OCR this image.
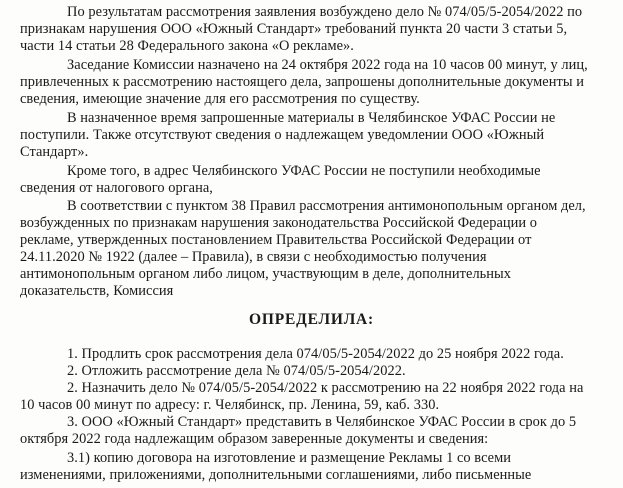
По результатам рассмотрения заявления возбуждено дело № 074/05/5-2054/2022 по
признакам нарушения ООО «Южный Стандарт» требований пункта 20 части 3 статьи 5,
части 14 статьи 28 Федерального закона «О рекламе».
Заседание Комиссии назначено на 24 октября 2022 года на 10 часов 00 минут, у лиц,
привлеченных к рассмотрению настоящего дела, запрошены дополнительные документы и
сведения, имеющие значение для его рассмотрения по существу.
В назначенное время запрошенные материалы в Челябинское УФАС России не
поступили. Также отсутствуют сведения о надлежащем уведомлении ООО «Южный
Стандарт».
Кроме того, в адрес Челябинского УФАС России не поступили необходимые
сведения от налогового органа,
В соответствии с пунктом 38 Правил рассмотрения антимонопольным органом дел,
возбужденных по признакам нарушения законодательства Российской Федерации о
рекламе, утвержденных постановлением Правительства Российской Федерации от
24.11.2020 № 1922 (далее – Правила), в связи с необходимостью получения
антимонопольным органом либо лицом, участвующим в деле, дополнительных
доказательств, Комиссия
ОПРЕДЕЛИЛА:
1. Продлить срок рассмотрения дела 074/05/5-2054/2022 до 25 ноября 2022 года.
2. Отложить рассмотрение дела № 074/05/5-2054/2022.
2. Назначить дело № 074/05/5-2054/2022 к рассмотрению на 22 ноября 2022 года на
10 часов 00 минут по адресу: г. Челябинск, пр. Ленина, 59, каб. 330.
3. ООО «Южный Стандарт» представить в Челябинское УФАС России в срок до 5
октября 2022 года надлежащим образом заверенные документы и сведения:
3.1) копию договора на изготовление и размещение Рекламы 1 со всеми
изменениями, приложениями, дополнительными соглашениями, либо письменные
